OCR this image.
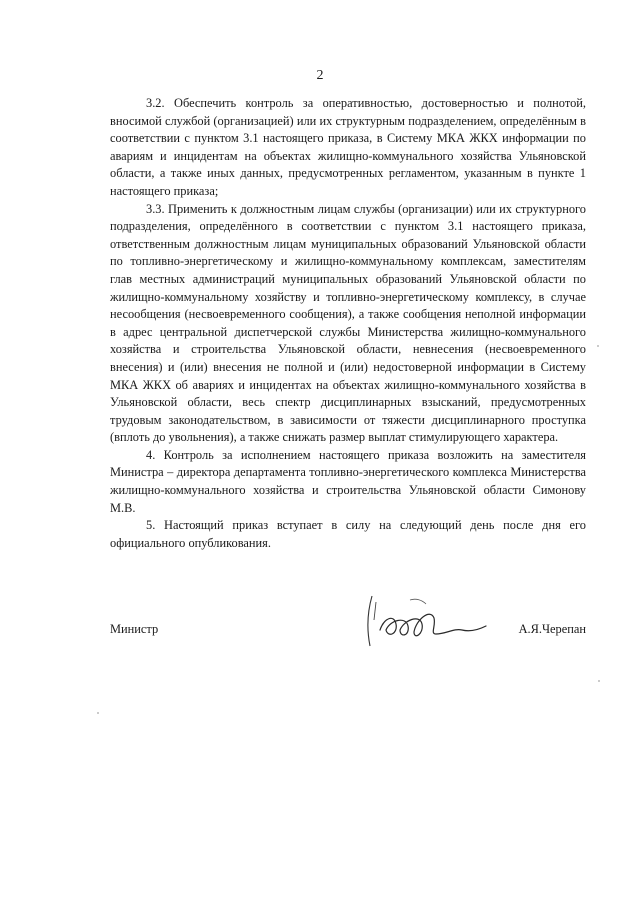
2

3.2. Обеспечить контроль за оперативностью, достоверностью и полнотой, вносимой службой (организацией) или их структурным подразделением, определённым в соответствии с пунктом 3.1 настоящего приказа, в Систему МКА ЖКХ информации по авариям и инцидентам на объектах жилищно-коммунального хозяйства Ульяновской области, а также иных данных, предусмотренных регламентом, указанным в пункте 1 настоящего приказа;

3.3. Применить к должностным лицам службы (организации) или их структурного подразделения, определённого в соответствии с пунктом 3.1 настоящего приказа, ответственным должностным лицам муниципальных образований Ульяновской области по топливно-энергетическому и жилищно-коммунальному комплексам, заместителям глав местных администраций муниципальных образований Ульяновской области по жилищно-коммунальному хозяйству и топливно-энергетическому комплексу, в случае несообщения (несвоевременного сообщения), а также сообщения неполной информации в адрес центральной диспетчерской службы Министерства жилищно-коммунального хозяйства и строительства Ульяновской области, невнесения (несвоевременного внесения) и (или) внесения не полной и (или) недостоверной информации в Систему МКА ЖКХ об авариях и инцидентах на объектах жилищно-коммунального хозяйства в Ульяновской области, весь спектр дисциплинарных взысканий, предусмотренных трудовым законодательством, в зависимости от тяжести дисциплинарного проступка (вплоть до увольнения), а также снижать размер выплат стимулирующего характера.

4. Контроль за исполнением настоящего приказа возложить на заместителя Министра – директора департамента топливно-энергетического комплекса Министерства жилищно-коммунального хозяйства и строительства Ульяновской области Симонову М.В.

5. Настоящий приказ вступает в силу на следующий день после дня его официального опубликования.

Министр	А.Я.Черепан
